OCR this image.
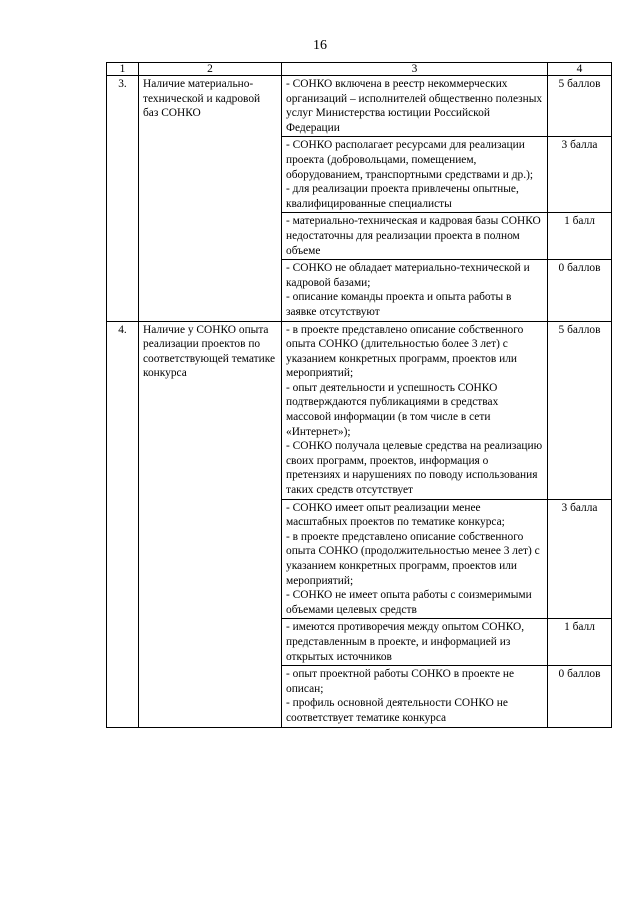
16
1	2	3	4
3.	Наличие материально-технической и кадровой баз СОНКО	- СОНКО включена в реестр некоммерческих организаций – исполнителей общественно полезных услуг Министерства юстиции Российской Федерации	5 баллов

		- СОНКО располагает ресурсами для реализации проекта (добровольцами, помещением, оборудованием, транспортными средствами и др.);
- для реализации проекта привлечены опытные, квалифицированные специалисты	3 балла

		- материально-техническая и кадровая базы СОНКО недостаточны для реализации проекта в полном объеме	1 балл

		- СОНКО не обладает материально-технической и кадровой базами;
- описание команды проекта и опыта работы в заявке отсутствуют	0 баллов
4.	Наличие у СОНКО опыта реализации проектов по соответствующей тематике конкурса	- в проекте представлено описание собственного опыта СОНКО (длительностью более 3 лет) с указанием конкретных программ, проектов или мероприятий;
- опыт деятельности и успешность СОНКО подтверждаются публикациями в средствах массовой информации (в том числе в сети «Интернет»);
- СОНКО получала целевые средства на реализацию своих программ, проектов, информация о претензиях и нарушениях по поводу использования таких средств отсутствует	5 баллов

		- СОНКО имеет опыт реализации менее масштабных проектов по тематике конкурса;
- в проекте представлено описание собственного опыта СОНКО (продолжительностью менее 3 лет) с указанием конкретных программ, проектов или мероприятий;
- СОНКО не имеет опыта работы с соизмеримыми объемами целевых средств	3 балла

		- имеются противоречия между опытом СОНКО, представленным в проекте, и информацией из открытых источников	1 балл

		- опыт проектной работы СОНКО в проекте не описан;
- профиль основной деятельности СОНКО не соответствует тематике конкурса	0 баллов
